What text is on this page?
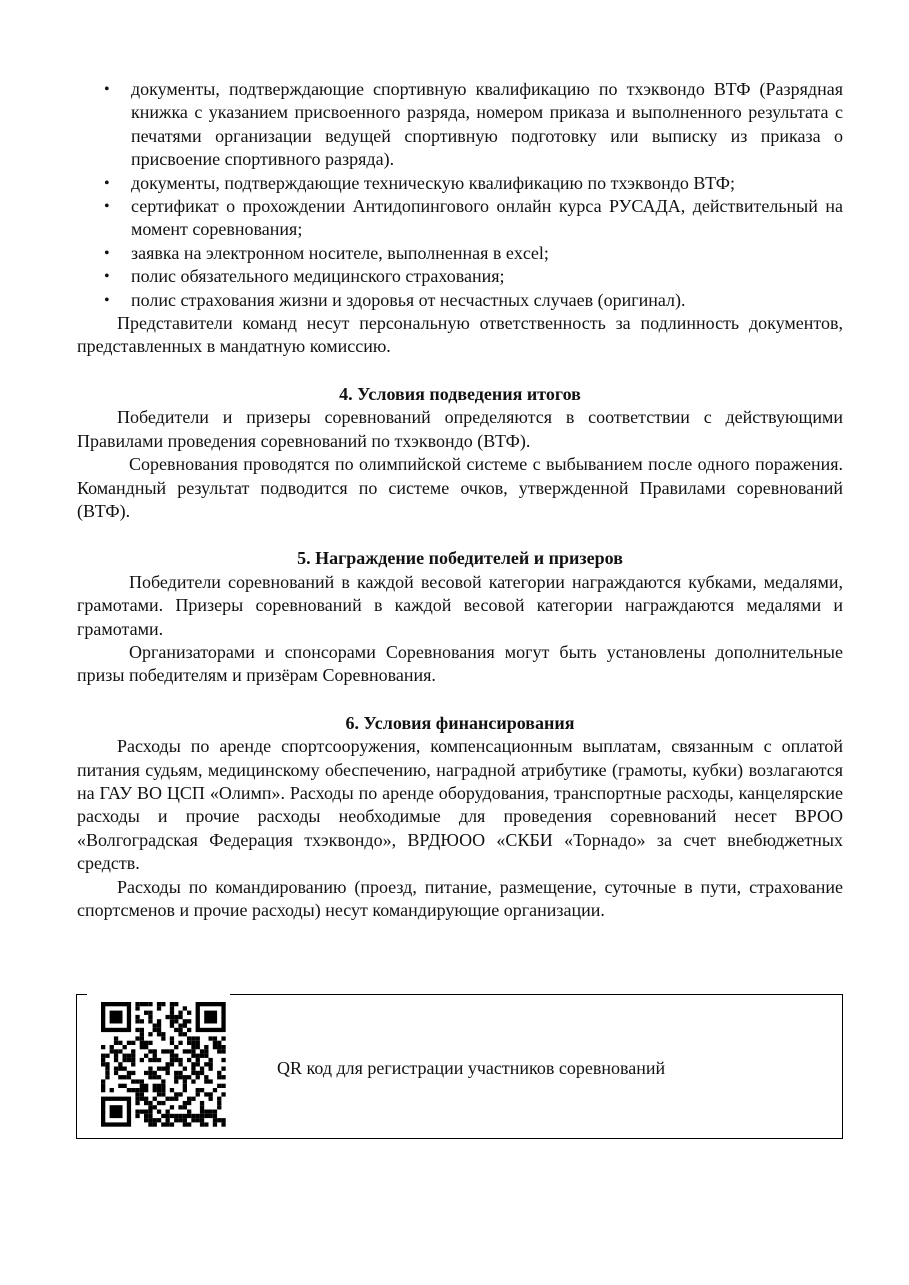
• документы, подтверждающие спортивную квалификацию по тхэквондо ВТФ (Разрядная книжка с указанием присвоенного разряда, номером приказа и выполненного результата с печатями организации ведущей спортивную подготовку или выписку из приказа о присвоение спортивного разряда).
• документы, подтверждающие техническую квалификацию по тхэквондо ВТФ;
• сертификат о прохождении Антидопингового онлайн курса РУСАДА, действительный на момент соревнования;
• заявка на электронном носителе, выполненная в excel;
• полис обязательного медицинского страхования;
• полис страхования жизни и здоровья от несчастных случаев (оригинал).

Представители команд несут персональную ответственность за подлинность документов, представленных в мандатную комиссию.

4. Условия подведения итогов

Победители и призеры соревнований определяются в соответствии с действующими Правилами проведения соревнований по тхэквондо (ВТФ).

Соревнования проводятся по олимпийской системе с выбыванием после одного поражения. Командный результат подводится по системе очков, утвержденной Правилами соревнований (ВТФ).

5. Награждение победителей и призеров

Победители соревнований в каждой весовой категории награждаются кубками, медалями, грамотами. Призеры соревнований в каждой весовой категории награждаются медалями и грамотами.

Организаторами и спонсорами Соревнования могут быть установлены дополнительные призы победителям и призёрам Соревнования.

6. Условия финансирования

Расходы по аренде спортсооружения, компенсационным выплатам, связанным с оплатой питания судьям, медицинскому обеспечению, наградной атрибутике (грамоты, кубки) возлагаются на ГАУ ВО ЦСП «Олимп». Расходы по аренде оборудования, транспортные расходы, канцелярские расходы и прочие расходы необходимые для проведения соревнований несет ВРОО «Волгоградская Федерация тхэквондо», ВРДЮОО «СКБИ «Торнадо» за счет внебюджетных средств.

Расходы по командированию (проезд, питание, размещение, суточные в пути, страхование спортсменов и прочие расходы) несут командирующие организации.

QR код для регистрации участников соревнований
